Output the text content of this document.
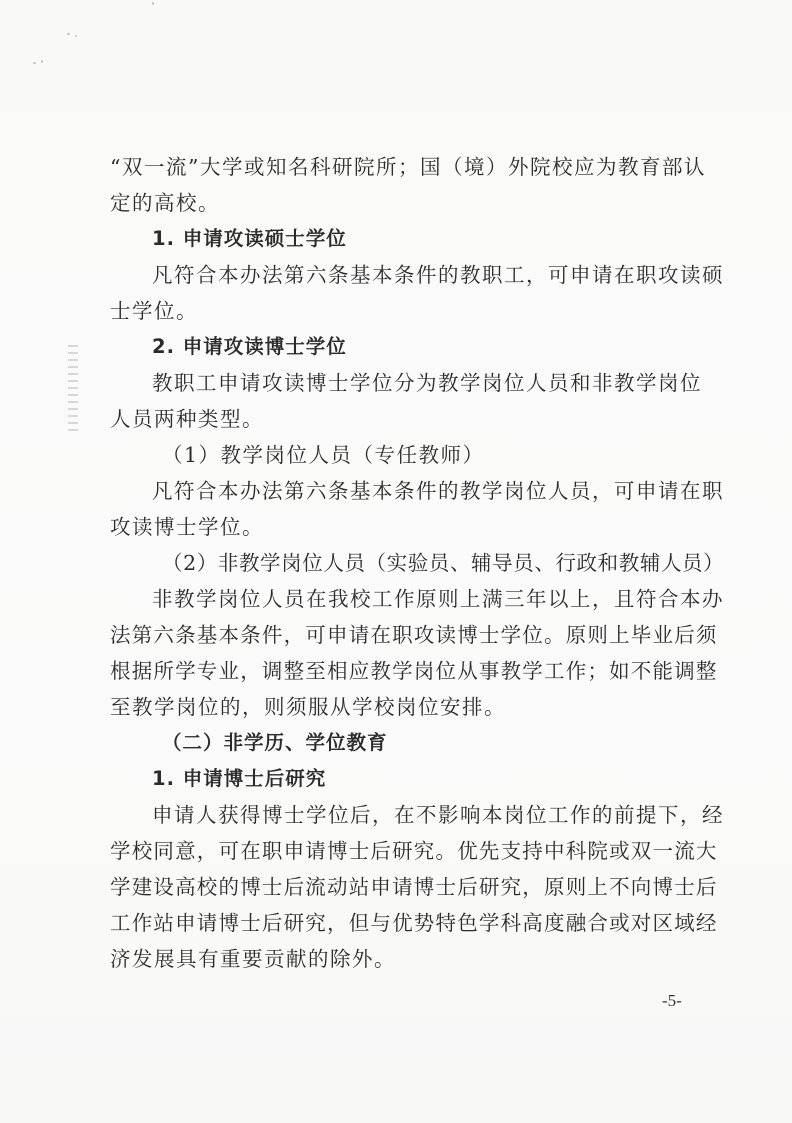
“双一流”大学或知名科研院所；国（境）外院校应为教育部认
定的高校。
1. 申请攻读硕士学位
凡符合本办法第六条基本条件的教职工，可申请在职攻读硕
士学位。
2. 申请攻读博士学位
教职工申请攻读博士学位分为教学岗位人员和非教学岗位
人员两种类型。
（1）教学岗位人员（专任教师）
凡符合本办法第六条基本条件的教学岗位人员，可申请在职
攻读博士学位。
（2）非教学岗位人员（实验员、辅导员、行政和教辅人员）
非教学岗位人员在我校工作原则上满三年以上，且符合本办
法第六条基本条件，可申请在职攻读博士学位。原则上毕业后须
根据所学专业，调整至相应教学岗位从事教学工作；如不能调整
至教学岗位的，则须服从学校岗位安排。
（二）非学历、学位教育
1. 申请博士后研究
申请人获得博士学位后，在不影响本岗位工作的前提下，经
学校同意，可在职申请博士后研究。优先支持中科院或双一流大
学建设高校的博士后流动站申请博士后研究，原则上不向博士后
工作站申请博士后研究，但与优势特色学科高度融合或对区域经
济发展具有重要贡献的除外。
-5-
